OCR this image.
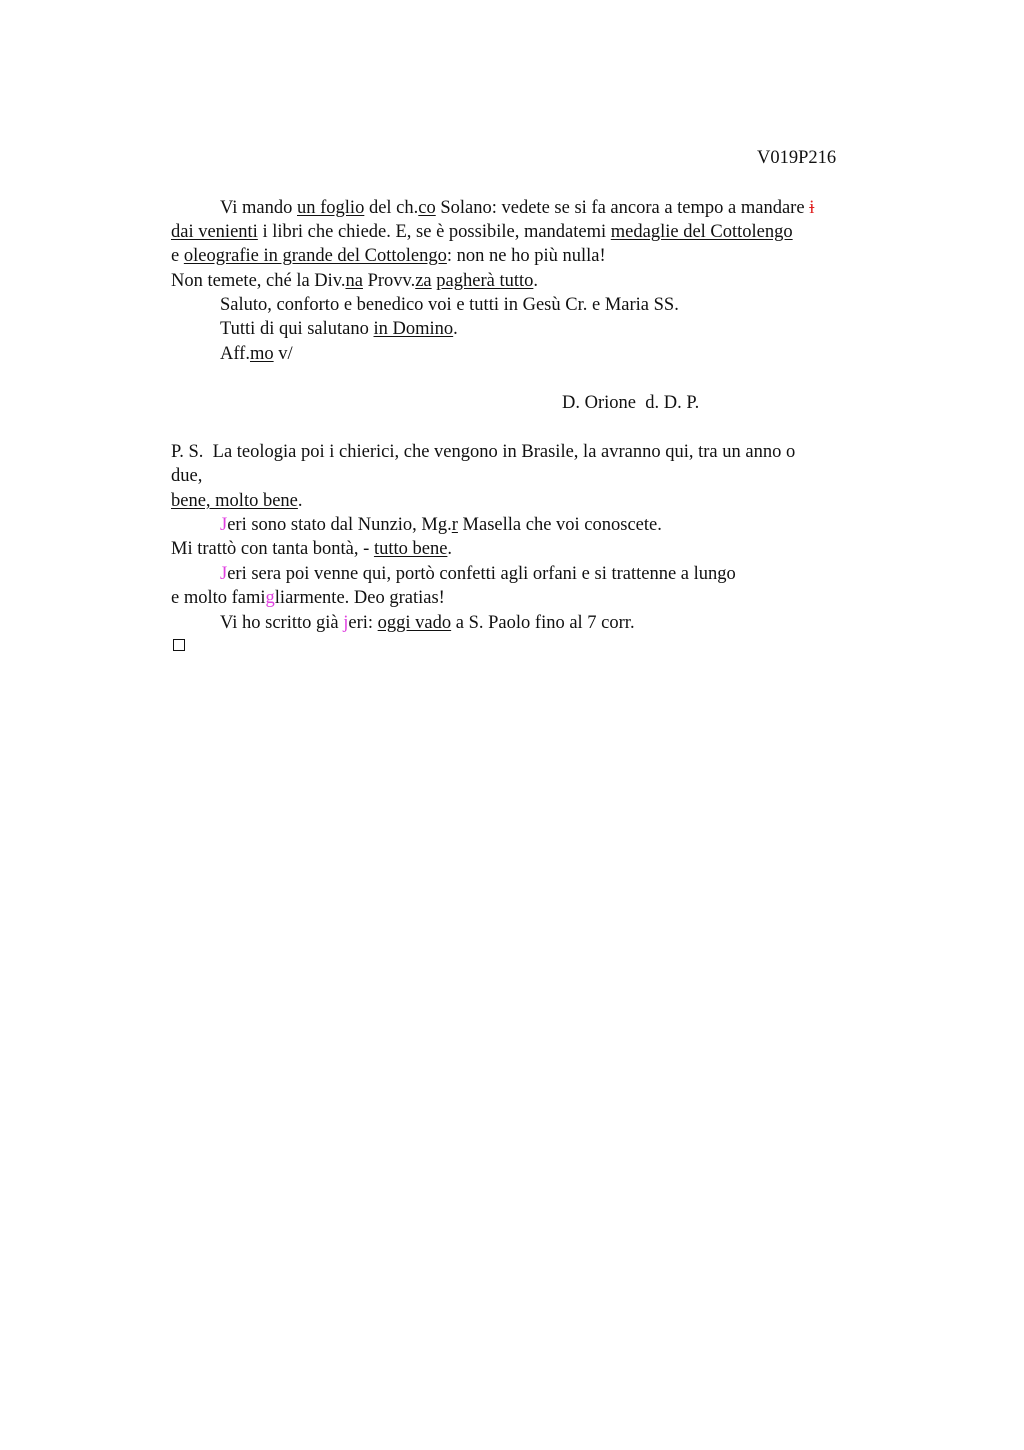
V019P216
Vi mando un foglio del ch.co Solano: vedete se si fa ancora a tempo a mandare i
dai venienti i libri che chiede. E, se è possibile, mandatemi medaglie del Cottolengo
e oleografie in grande del Cottolengo: non ne ho più nulla!
Non temete, ché la Div.na Provv.za pagherà tutto.
Saluto, conforto e benedico voi e tutti in Gesù Cr. e Maria SS.
Tutti di qui salutano in Domino.
Aff.mo v/
D. Orione  d. D. P.
P. S.  La teologia poi i chierici, che vengono in Brasile, la avranno qui, tra un anno o
due,
bene, molto bene.
Jeri sono stato dal Nunzio, Mg.r Masella che voi conoscete.
Mi trattò con tanta bontà, - tutto bene.
Jeri sera poi venne qui, portò confetti agli orfani e si trattenne a lungo
e molto famigliarmente. Deo gratias!
Vi ho scritto già jeri: oggi vado a S. Paolo fino al 7 corr.
